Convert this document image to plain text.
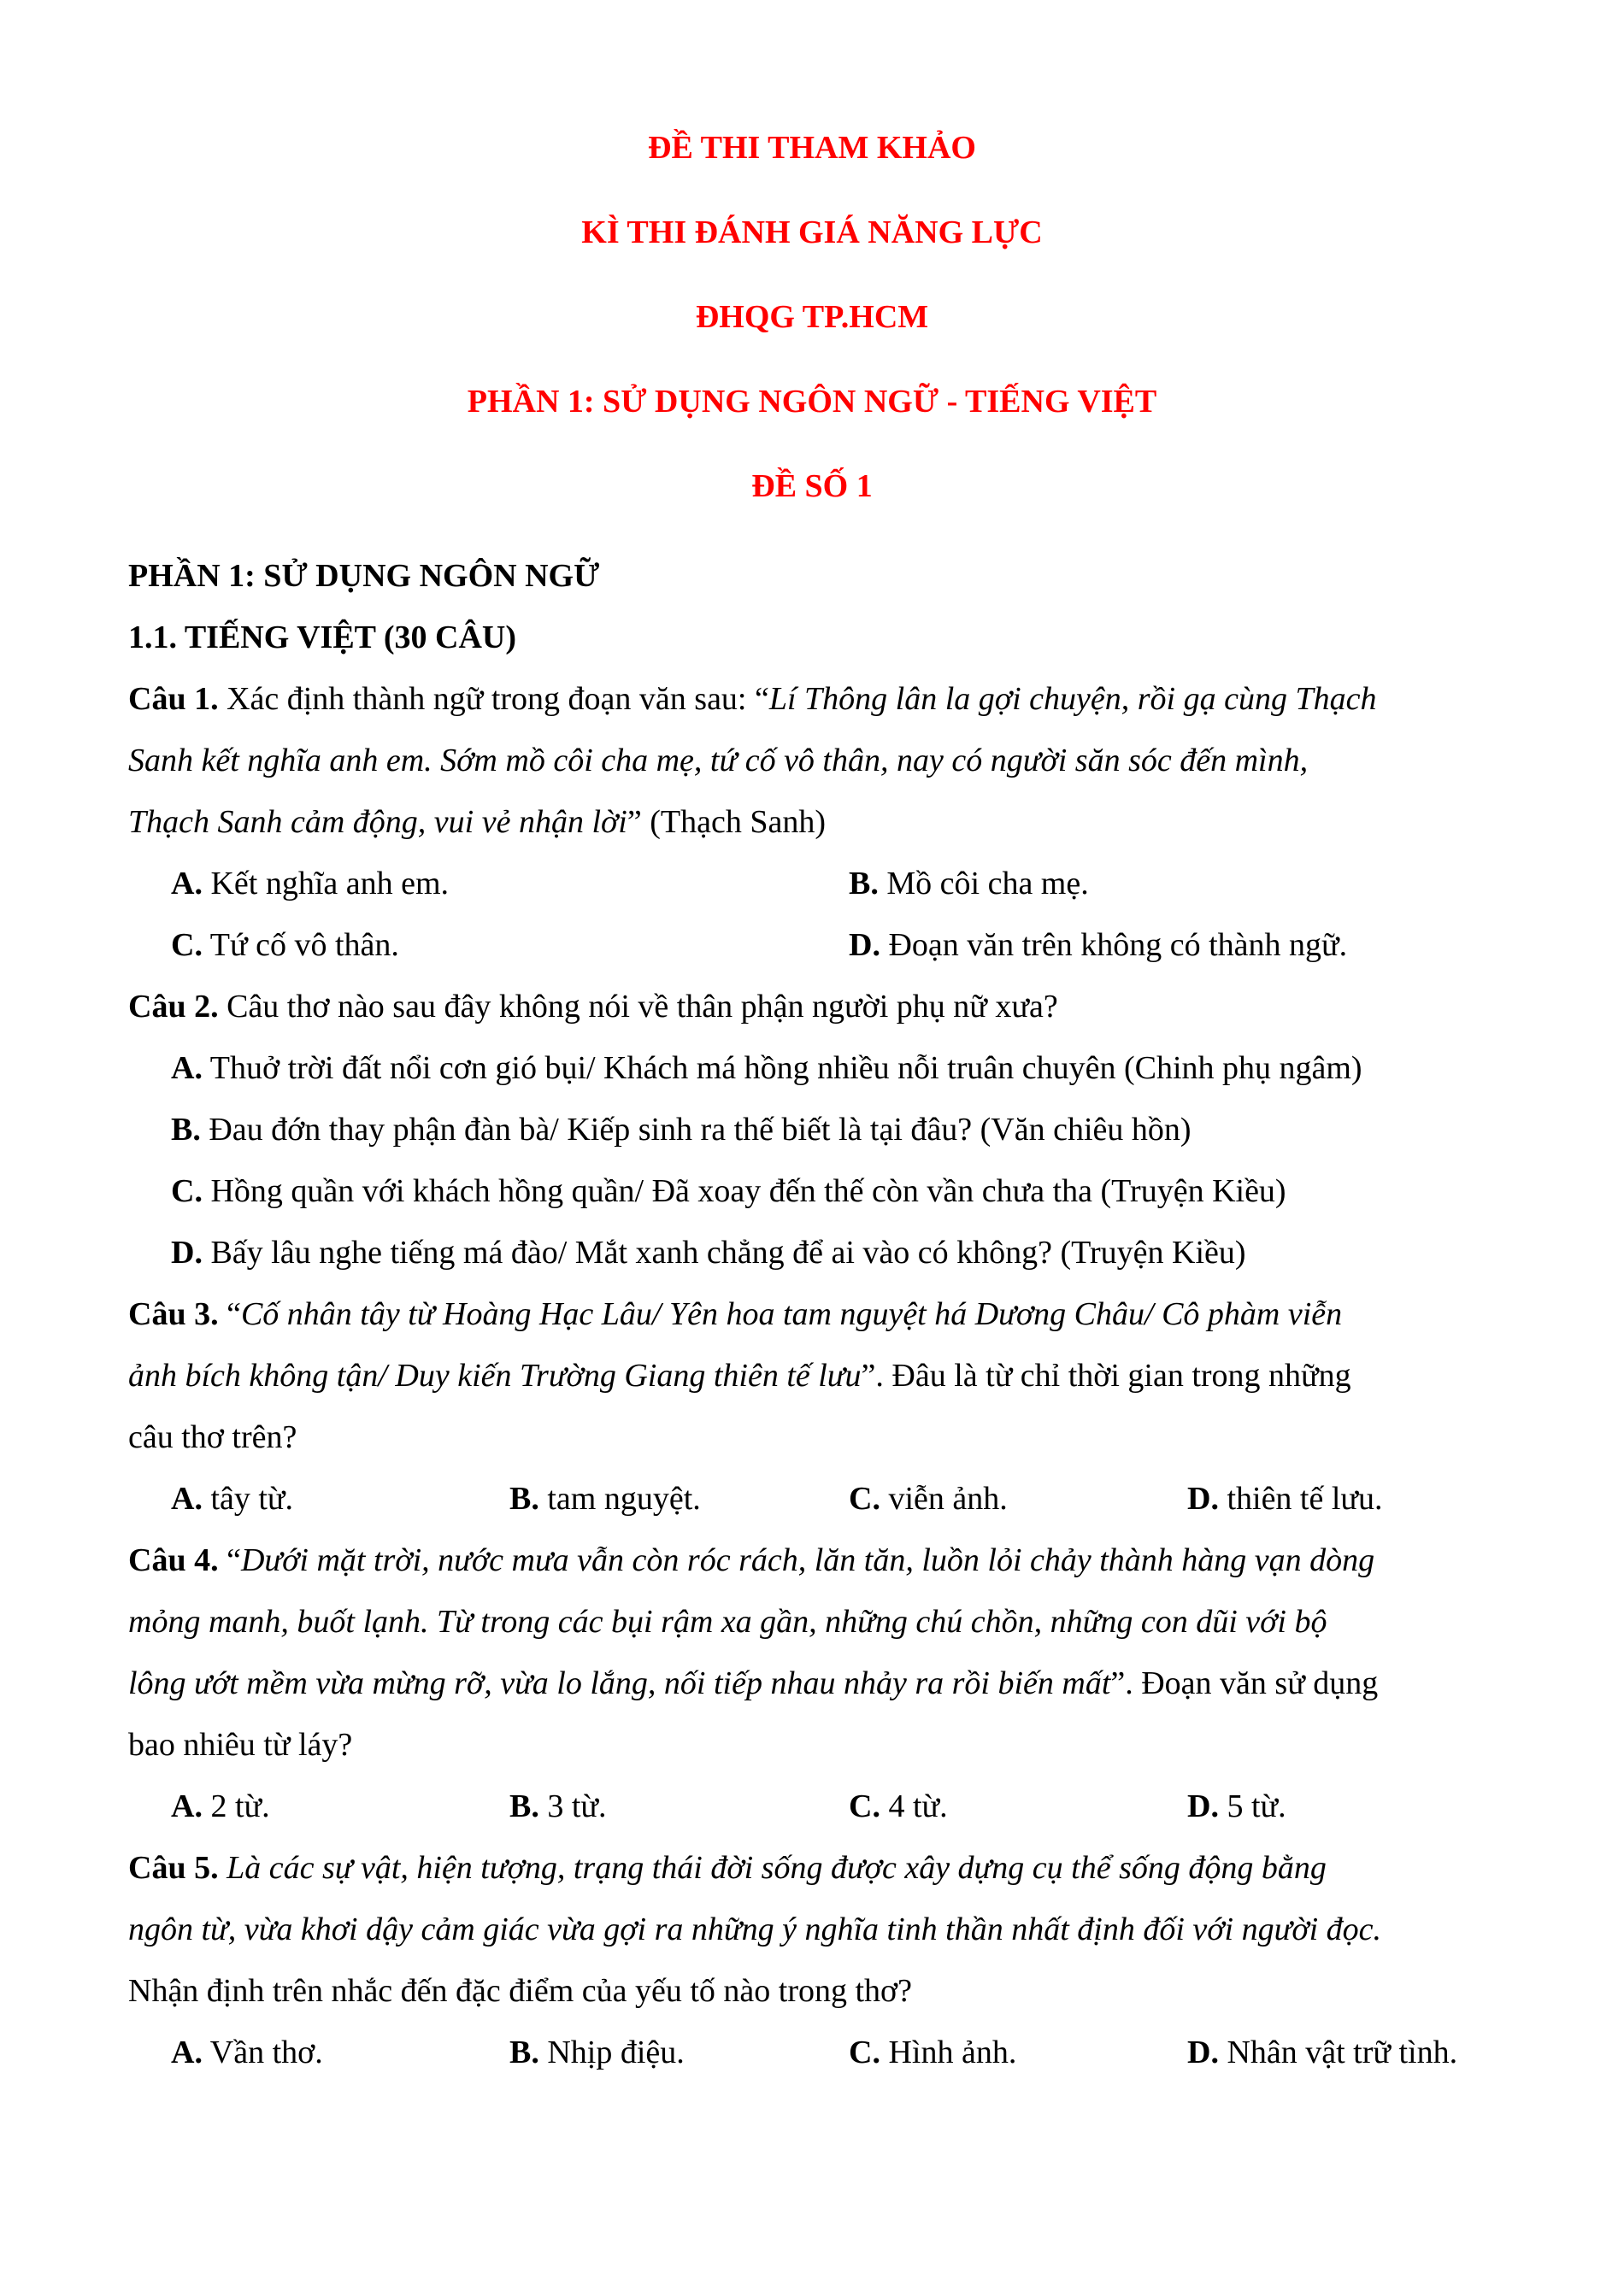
ĐỀ THI THAM KHẢO
KÌ THI ĐÁNH GIÁ NĂNG LỰC
ĐHQG TP.HCM
PHẦN 1: SỬ DỤNG NGÔN NGỮ - TIẾNG VIỆT
ĐỀ SỐ 1
PHẦN 1: SỬ DỤNG NGÔN NGỮ
1.1. TIẾNG VIỆT (30 CÂU)
Câu 1. Xác định thành ngữ trong đoạn văn sau: “Lí Thông lân la gợi chuyện, rồi gạ cùng Thạch
Sanh kết nghĩa anh em. Sớm mồ côi cha mẹ, tứ cố vô thân, nay có người săn sóc đến mình,
Thạch Sanh cảm động, vui vẻ nhận lời” (Thạch Sanh)
A. Kết nghĩa anh em.	B. Mồ côi cha mẹ.
C. Tứ cố vô thân.	D. Đoạn văn trên không có thành ngữ.
Câu 2. Câu thơ nào sau đây không nói về thân phận người phụ nữ xưa?
A. Thuở trời đất nổi cơn gió bụi/ Khách má hồng nhiều nỗi truân chuyên (Chinh phụ ngâm)
B. Đau đớn thay phận đàn bà/ Kiếp sinh ra thế biết là tại đâu? (Văn chiêu hồn)
C. Hồng quần với khách hồng quần/ Đã xoay đến thế còn vần chưa tha (Truyện Kiều)
D. Bấy lâu nghe tiếng má đào/ Mắt xanh chẳng để ai vào có không? (Truyện Kiều)
Câu 3. “Cố nhân tây từ Hoàng Hạc Lâu/ Yên hoa tam nguyệt há Dương Châu/ Cô phàm viễn
ảnh bích không tận/ Duy kiến Trường Giang thiên tế lưu”. Đâu là từ chỉ thời gian trong những
câu thơ trên?
A. tây từ.	B. tam nguyệt.	C. viễn ảnh.	D. thiên tế lưu.
Câu 4. “Dưới mặt trời, nước mưa vẫn còn róc rách, lăn tăn, luồn lỏi chảy thành hàng vạn dòng
mỏng manh, buốt lạnh. Từ trong các bụi rậm xa gần, những chú chồn, những con dũi với bộ
lông ướt mềm vừa mừng rỡ, vừa lo lắng, nối tiếp nhau nhảy ra rồi biến mất”. Đoạn văn sử dụng
bao nhiêu từ láy?
A. 2 từ.	B. 3 từ.	C. 4 từ.	D. 5 từ.
Câu 5. Là các sự vật, hiện tượng, trạng thái đời sống được xây dựng cụ thể sống động bằng
ngôn từ, vừa khơi dậy cảm giác vừa gợi ra những ý nghĩa tinh thần nhất định đối với người đọc.
Nhận định trên nhắc đến đặc điểm của yếu tố nào trong thơ?
A. Vần thơ.	B. Nhịp điệu.	C. Hình ảnh.	D. Nhân vật trữ tình.
